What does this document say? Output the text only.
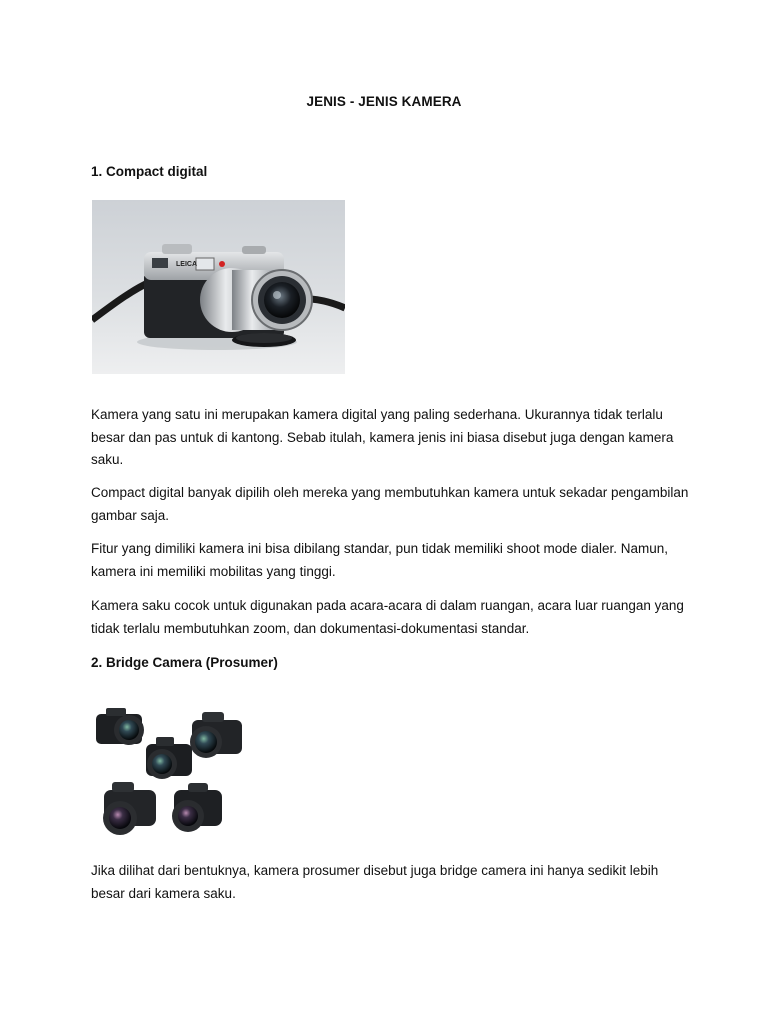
JENIS - JENIS KAMERA
1. Compact digital
LEICA

Kamera yang satu ini merupakan kamera digital yang paling sederhana. Ukurannya tidak terlalu besar dan pas untuk di kantong. Sebab itulah, kamera jenis ini biasa disebut juga dengan kamera saku.

Compact digital banyak dipilih oleh mereka yang membutuhkan kamera untuk sekadar pengambilan gambar saja.

Fitur yang dimiliki kamera ini bisa dibilang standar, pun tidak memiliki shoot mode dialer. Namun, kamera ini memiliki mobilitas yang tinggi.

Kamera saku cocok untuk digunakan pada acara-acara di dalam ruangan, acara luar ruangan yang tidak terlalu membutuhkan zoom, dan dokumentasi-dokumentasi standar.

2. Bridge Camera (Prosumer)

Jika dilihat dari bentuknya, kamera prosumer disebut juga bridge camera ini hanya sedikit lebih besar dari kamera saku.
